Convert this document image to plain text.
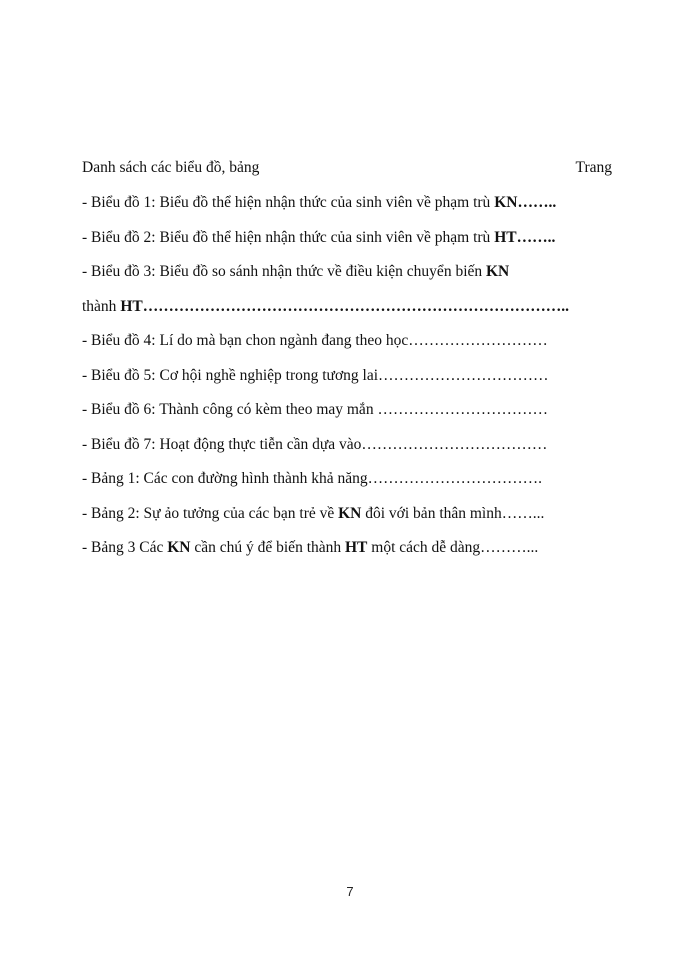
Danh sách các biểu đồ, bảng	Trang
- Biểu đồ 1: Biểu đồ thể hiện nhận thức của sinh viên về phạm trù KN……..
- Biểu đồ 2: Biểu đồ thể hiện nhận thức của sinh viên về phạm trù HT……..
- Biểu đồ 3: Biểu đồ so sánh nhận thức về điều kiện chuyển biến KN
thành HT………………………………………………………………………..
- Biểu đồ 4: Lí do mà bạn chon ngành đang theo học………………………
- Biểu đồ 5: Cơ hội nghề nghiệp trong tương lai……………………………
- Biểu đồ 6: Thành công có kèm theo may mắn ……………………………
- Biểu đồ 7: Hoạt động thực tiễn cần dựa vào………………………………
- Bảng 1: Các con đường hình thành khả năng…………………………….
- Bảng 2: Sự ảo tưởng của các bạn trẻ về KN đôi với bản thân mình……...
- Bảng 3 Các KN cần chú ý để biến thành HT một cách dễ dàng………...
7
